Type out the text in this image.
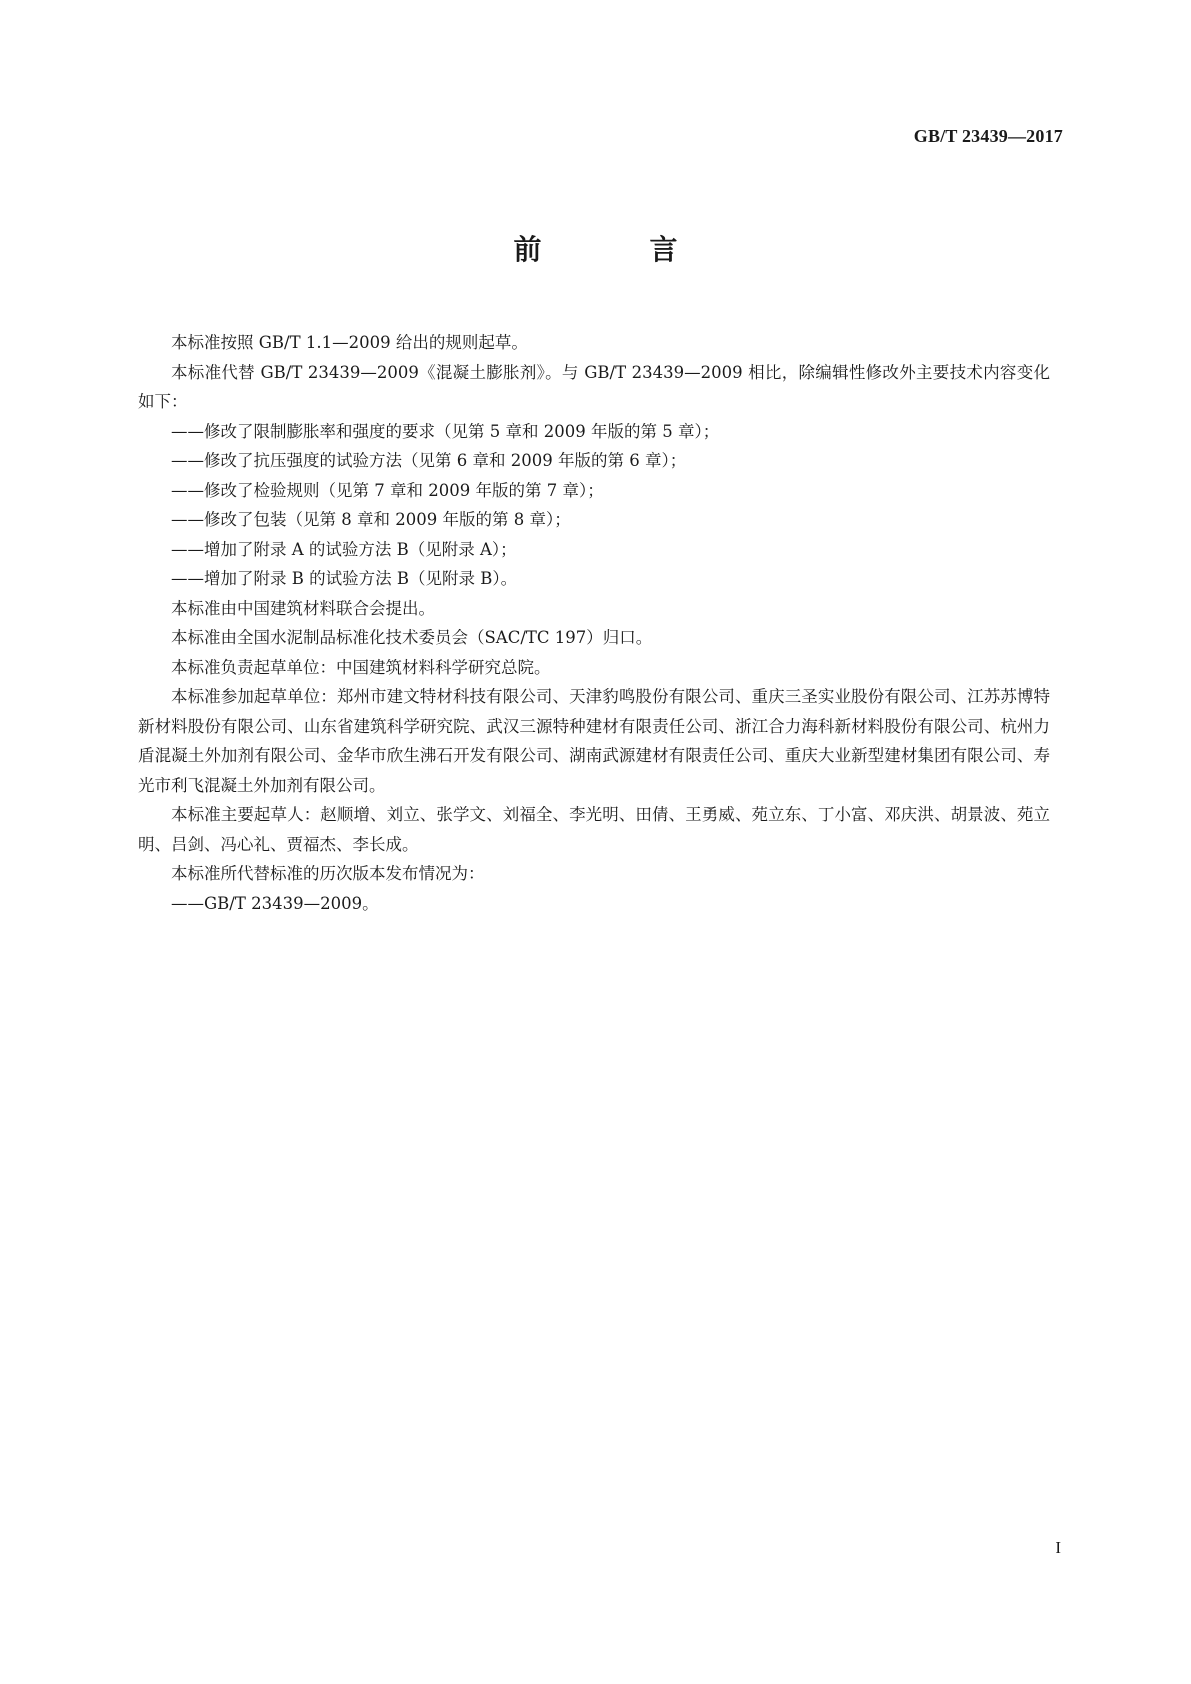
GB/T 23439—2017
前　言

本标准按照 GB/T 1.1—2009 给出的规则起草。

本标准代替 GB/T 23439—2009《混凝土膨胀剂》。与 GB/T 23439—2009 相比，除编辑性修改外主要技术内容变化如下：

——修改了限制膨胀率和强度的要求（见第 5 章和 2009 年版的第 5 章）；

——修改了抗压强度的试验方法（见第 6 章和 2009 年版的第 6 章）；

——修改了检验规则（见第 7 章和 2009 年版的第 7 章）；

——修改了包装（见第 8 章和 2009 年版的第 8 章）；

——增加了附录 A 的试验方法 B（见附录 A）；

——增加了附录 B 的试验方法 B（见附录 B）。

本标准由中国建筑材料联合会提出。

本标准由全国水泥制品标准化技术委员会（SAC/TC 197）归口。

本标准负责起草单位：中国建筑材料科学研究总院。

本标准参加起草单位：郑州市建文特材科技有限公司、天津豹鸣股份有限公司、重庆三圣实业股份有限公司、江苏苏博特新材料股份有限公司、山东省建筑科学研究院、武汉三源特种建材有限责任公司、浙江合力海科新材料股份有限公司、杭州力盾混凝土外加剂有限公司、金华市欣生沸石开发有限公司、湖南武源建材有限责任公司、重庆大业新型建材集团有限公司、寿光市利飞混凝土外加剂有限公司。

本标准主要起草人：赵顺增、刘立、张学文、刘福全、李光明、田倩、王勇威、苑立东、丁小富、邓庆洪、胡景波、苑立明、吕剑、冯心礼、贾福杰、李长成。

本标准所代替标准的历次版本发布情况为：

——GB/T 23439—2009。

I
